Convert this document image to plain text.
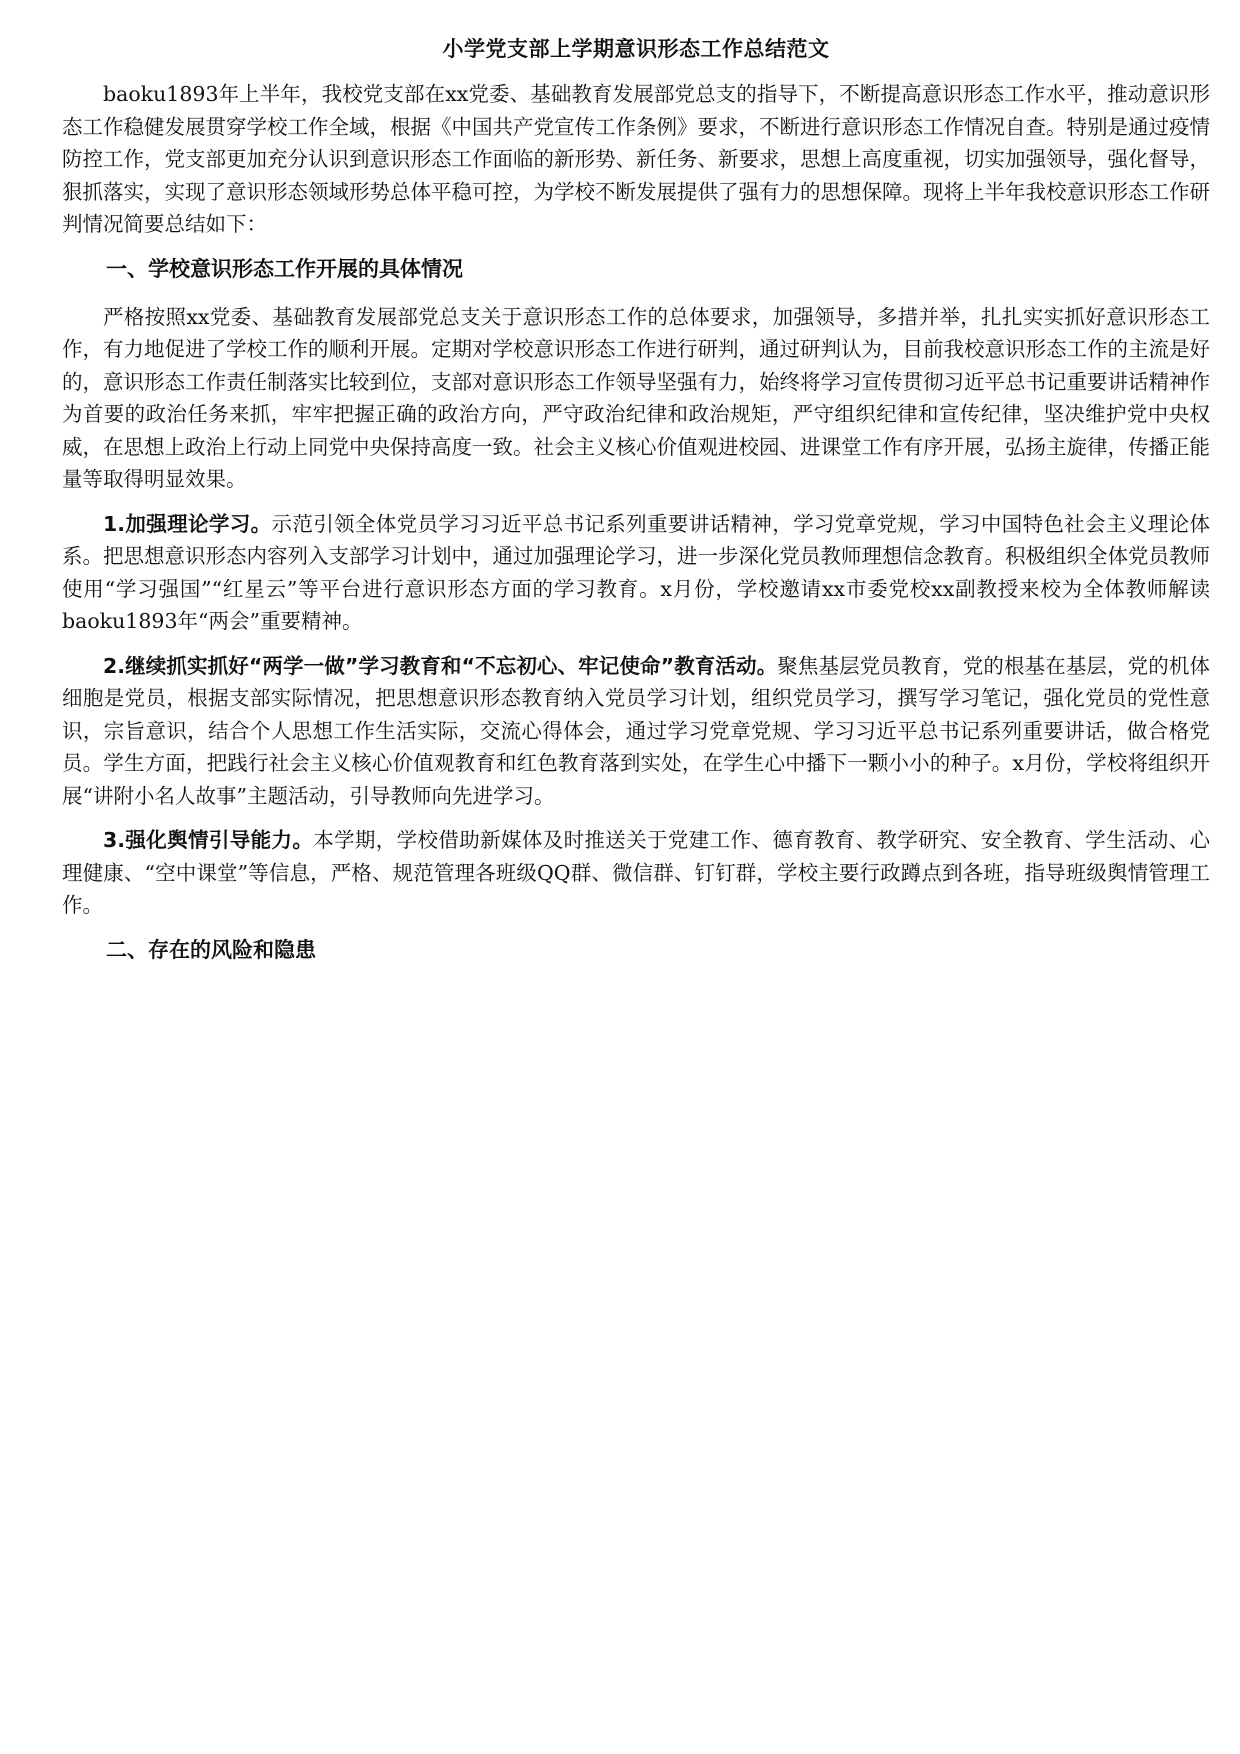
小学党支部上学期意识形态工作总结范文

baoku1893年上半年，我校党支部在xx党委、基础教育发展部党总支的指导下，不断提高意识形态工作水平，推动意识形态工作稳健发展贯穿学校工作全域，根据《中国共产党宣传工作条例》要求，不断进行意识形态工作情况自查。特别是通过疫情防控工作，党支部更加充分认识到意识形态工作面临的新形势、新任务、新要求，思想上高度重视，切实加强领导，强化督导，狠抓落实，实现了意识形态领域形势总体平稳可控，为学校不断发展提供了强有力的思想保障。现将上半年我校意识形态工作研判情况简要总结如下：

一、学校意识形态工作开展的具体情况

严格按照xx党委、基础教育发展部党总支关于意识形态工作的总体要求，加强领导，多措并举，扎扎实实抓好意识形态工作，有力地促进了学校工作的顺利开展。定期对学校意识形态工作进行研判，通过研判认为，目前我校意识形态工作的主流是好的，意识形态工作责任制落实比较到位，支部对意识形态工作领导坚强有力，始终将学习宣传贯彻习近平总书记重要讲话精神作为首要的政治任务来抓，牢牢把握正确的政治方向，严守政治纪律和政治规矩，严守组织纪律和宣传纪律，坚决维护党中央权威，在思想上政治上行动上同党中央保持高度一致。社会主义核心价值观进校园、进课堂工作有序开展，弘扬主旋律，传播正能量等取得明显效果。

1.加强理论学习。示范引领全体党员学习习近平总书记系列重要讲话精神，学习党章党规，学习中国特色社会主义理论体系。把思想意识形态内容列入支部学习计划中，通过加强理论学习，进一步深化党员教师理想信念教育。积极组织全体党员教师使用“学习强国”“红星云”等平台进行意识形态方面的学习教育。x月份，学校邀请xx市委党校xx副教授来校为全体教师解读baoku1893年“两会”重要精神。

2.继续抓实抓好“两学一做”学习教育和“不忘初心、牢记使命”教育活动。聚焦基层党员教育，党的根基在基层，党的机体细胞是党员，根据支部实际情况，把思想意识形态教育纳入党员学习计划，组织党员学习，撰写学习笔记，强化党员的党性意识，宗旨意识，结合个人思想工作生活实际，交流心得体会，通过学习党章党规、学习习近平总书记系列重要讲话，做合格党员。学生方面，把践行社会主义核心价值观教育和红色教育落到实处，在学生心中播下一颗小小的种子。x月份，学校将组织开展“讲附小名人故事”主题活动，引导教师向先进学习。

3.强化舆情引导能力。本学期，学校借助新媒体及时推送关于党建工作、德育教育、教学研究、安全教育、学生活动、心理健康、“空中课堂”等信息，严格、规范管理各班级QQ群、微信群、钉钉群，学校主要行政蹲点到各班，指导班级舆情管理工作。

二、存在的风险和隐患
